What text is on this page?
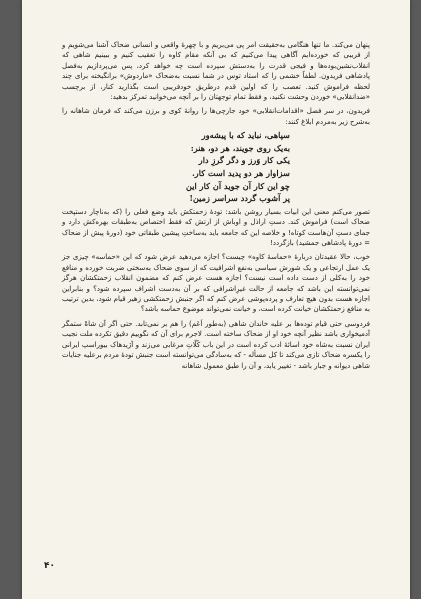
پنهان می‌کند. ما تنها هنگامی به‌حقیقت امر پی می‌بریم و با چهرهٔ واقعی و انسانی ضحاک آشنا می‌شویم و از فریبی که خورده‌ایم آگاهی پیدا می‌کنیم که بی آنکه مقام کاوه را تعقیب کنیم و ببینیم شاهی که انقلاب‌نشین‌بوده‌ها و فیجی قدرت را به‌دستش سپرده است چه خواهد کرد، پس می‌پردازیم به‌فصل پادشاهی فریدون. لطفاً خشمی را که استاد توس در شما نسبت به‌ضحاک «ماردوش» برانگیخته برای چند لحظه فراموش کنید. تعصب را که اولین قدم درطریق خودفریبی است بگذارید کنار، از برچسب «ضدانقلابی» خوردن وحشت نکنید، و فقط تمام توجهتان را بر آنچه می‌خوانید تمرکز بدهید:

فریدون، در سر فصل «اقدامات‌انقلابی» خود جارچی‌ها را روانهٔ کوی و برزن می‌کند که فرمان شاهانه را به‌شرح زیر به‌مردم ابلاغ کنند:

سپاهی، نباید که با پیشه‌ور
به‌یک روی جویند، هر دو، هنر:
یکی کار وَرز و دگر گرزِ دار
سزاوار هر دو پدید است کار.
چو این کار آن جوید آن کار این
پر آشوب گردد سراسر زمین!

تصور می‌کنم معنی این ابیات بسیار روشن باشد: تودهٔ زحمتکش باید وضع فعلی را (که به‌ناچار دستپخت ضحاک است) فراموش کند. دستِ اراذل و اوباش از ارتش که فقط اختصاص به‌طبقات بهره‌کش دارد و جمای دستِ آن‌هاست کوتاه! و خلاصه این که جامعه باید به‌ساختِ پیشین طبقاتی خود (دورهٔ پیش از ضحاک = دورهٔ پادشاهی جمشید) بازگردد!

خوب، حالا عقیدتان دربارهٔ «حماسهٔ کاوه» چیست؟ اجازه می‌دهید عرض شود که این «حماسه» چیزی جز یک عمل ارتجاعی و یک شورش سیاسی به‌نفع اشرافیت که از سوی ضحاک به‌سختی ضربت خورده و منافع خود را به‌کلی از دست داده است نیست؟ اجازه هست عرض کنم که مضمون انقلاب زحمتکشان هرگز نمی‌توانسته این باشد که جامعه از حالت غیرِاشرافی که بر آن به‌دست اشراف سپرده شود؟ و بنابراین اجازه هست بدون هیچ تعارف و پرده‌پوشی عرض کنم که اگر جنبش زحمتکشی زهیر قیام شود، بدین ترتیب به منافع زحمتکشان خیانت کرده است، و خیانت نمی‌تواند موضوع حماسه باشد؟

فردوسی حتی قیام توده‌ها بر علیه خاندان شاهی (به‌طور اَعَم) را هم بر نمی‌تابد. حتی اگر آن شاهْ ستمگر آدمیخواری باشد نظیر آنچه خود او از ضحاک ساخته است. لاجرم برای آن که نگوییم دقیق تکرده ملت نجیب ایران نسبت به‌شاه خود اسائهٔ ادب کرده است در این باب کُلّاتِ مرغابی می‌زند و آژیدهاک بیوراسپ ایرانی را یکسره ضحاک تازی می‌کند تا کل مسأله - که به‌سادگی می‌توانسته است جنبش تودهٔ مردم برعلیه جنایات شاهی دیوانه و جبار باشد - تغییر یابد، و آن را طبق معمول شاهانه

۴۰
